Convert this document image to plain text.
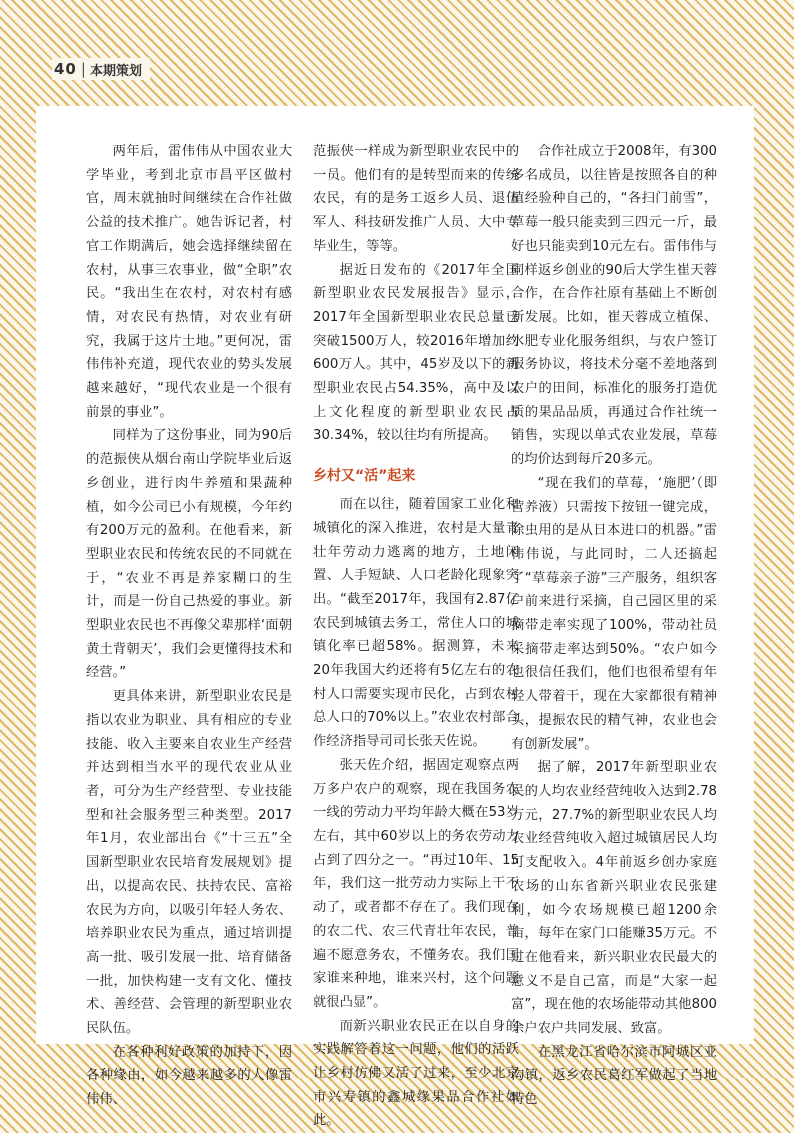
40 | 本期策划

两年后，雷伟伟从中国农业大学毕业，考到北京市昌平区做村官，周末就抽时间继续在合作社做公益的技术推广。她告诉记者，村官工作期满后，她会选择继续留在农村，从事三农事业，做“全职”农民。“我出生在农村，对农村有感情，对农民有热情，对农业有研究，我属于这片土地。”更何况，雷伟伟补充道，现代农业的势头发展越来越好，“现代农业是一个很有前景的事业”。

同样为了这份事业，同为90后的范振侠从烟台南山学院毕业后返乡创业，进行肉牛养殖和果蔬种植，如今公司已小有规模，今年约有200万元的盈利。在他看来，新型职业农民和传统农民的不同就在于，“农业不再是养家糊口的生计，而是一份自己热爱的事业。新型职业农民也不再像父辈那样‘面朝黄土背朝天’，我们会更懂得技术和经营。”

更具体来讲，新型职业农民是指以农业为职业、具有相应的专业技能、收入主要来自农业生产经营并达到相当水平的现代农业从业者，可分为生产经营型、专业技能型和社会服务型三种类型。2017年1月，农业部出台《“十三五”全国新型职业农民培育发展规划》提出，以提高农民、扶持农民、富裕农民为方向，以吸引年轻人务农、培养职业农民为重点，通过培训提高一批、吸引发展一批、培育储备一批，加快构建一支有文化、懂技术、善经营、会管理的新型职业农民队伍。

在各种利好政策的加持下，因各种缘由，如今越来越多的人像雷伟伟、

范振侠一样成为新型职业农民中的一员。他们有的是转型而来的传统农民，有的是务工返乡人员、退伍军人、科技研发推广人员、大中专毕业生，等等。

据近日发布的《2017年全国新型职业农民发展报告》显示，2017年全国新型职业农民总量已突破1500万人，较2016年增加约600万人。其中，45岁及以下的新型职业农民占54.35%，高中及以上文化程度的新型职业农民占30.34%，较以往均有所提高。

乡村又“活”起来

而在以往，随着国家工业化和城镇化的深入推进，农村是大量青壮年劳动力逃离的地方，土地闲置、人手短缺、人口老龄化现象突出。“截至2017年，我国有2.87亿农民到城镇去务工，常住人口的城镇化率已超58%。据测算，未来20年我国大约还将有5亿左右的农村人口需要实现市民化，占到农村总人口的70%以上。”农业农村部合作经济指导司司长张天佐说。

张天佐介绍，据固定观察点两万多户农户的观察，现在我国务农一线的劳动力平均年龄大概在53岁左右，其中60岁以上的务农劳动力占到了四分之一。“再过10年、15年，我们这一批劳动力实际上干不动了，或者都不存在了。我们现在的农二代、农三代青壮年农民，普遍不愿意务农，不懂务农。我们国家谁来种地，谁来兴村，这个问题就很凸显”。

而新兴职业农民正在以自身的实践解答着这一问题，他们的活跃让乡村仿佛又活了过来，至少北京市兴寿镇的鑫城缘果品合作社如此。

合作社成立于2008年，有300多名成员，以往皆是按照各自的种植经验种自己的，“各扫门前雪”，草莓一般只能卖到三四元一斤，最好也只能卖到10元左右。雷伟伟与同样返乡创业的90后大学生崔天蓉合作，在合作社原有基础上不断创新发展。比如，崔天蓉成立植保、水肥专业化服务组织，与农户签订服务协议，将技术分毫不差地落到农户的田间，标准化的服务打造优质的果品品质，再通过合作社统一销售，实现以单式农业发展，草莓的均价达到每斤20多元。

“现在我们的草莓，‘施肥’（即营养液）只需按下按钮一键完成，除虫用的是从日本进口的机器。”雷伟伟说，与此同时，二人还搞起了“草莓亲子游”三产服务，组织客户前来进行采摘，自己园区里的采摘带走率实现了100%，带动社员采摘带走率达到50%。“农户如今也很信任我们，他们也很希望有年轻人带着干，现在大家都很有精神头，提振农民的精气神，农业也会有创新发展”。

据了解，2017年新型职业农民的人均农业经营纯收入达到2.78万元，27.7%的新型职业农民人均农业经营纯收入超过城镇居民人均可支配收入。4年前返乡创办家庭农场的山东省新兴职业农民张建利，如今农场规模已超1200余亩，每年在家门口能赚35万元。不过在他看来，新兴职业农民最大的意义不是自己富，而是“大家一起富”，现在他的农场能带动其他800余户农户共同发展、致富。

在黑龙江省哈尔滨市阿城区亚沟镇，返乡农民葛红军做起了当地特色
